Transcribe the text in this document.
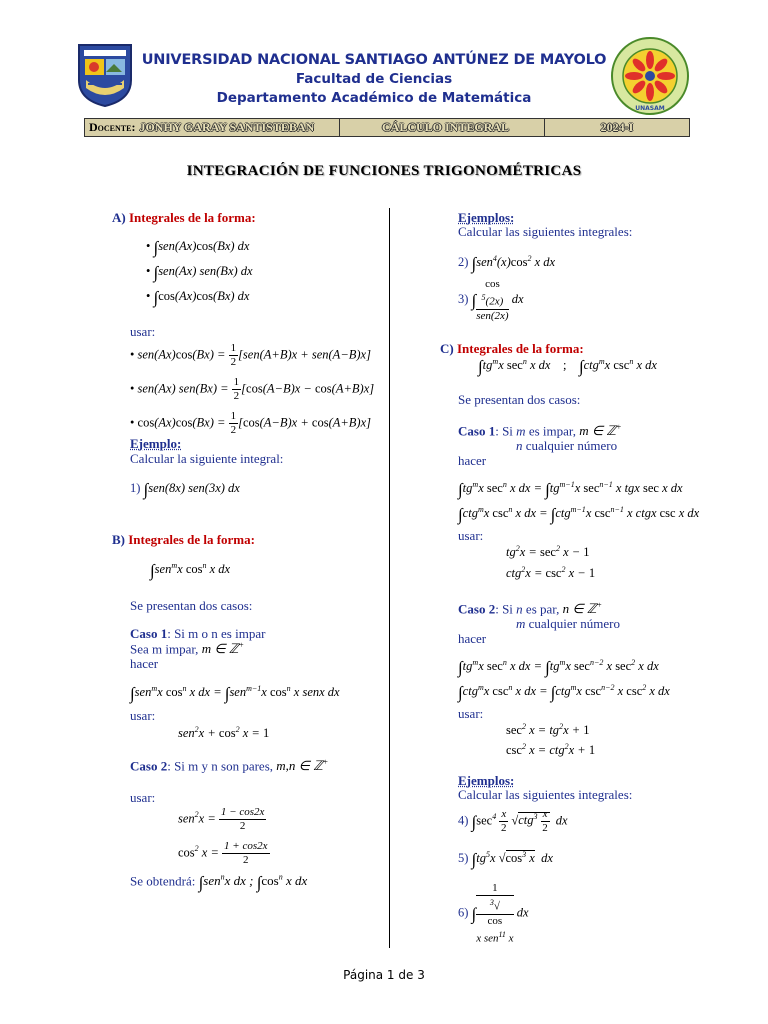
UNIVERSIDAD NACIONAL SANTIAGO ANTÚNEZ DE MAYOLO
Facultad de Ciencias
Departamento Académico de Matemática
UNASAM
Docente: JONHY GARAY SANTISTEBAN	CÁLCULO INTEGRAL	2024-I
INTEGRACIÓN DE FUNCIONES TRIGONOMÉTRICAS
A) Integrales de la forma:
• ∫sen(Ax)cos(Bx) dx
• ∫sen(Ax) sen(Bx) dx
• ∫cos(Ax)cos(Bx) dx
usar:
• $sen(Ax)\cos(Bx) = \frac{1}{2} [sen(A+B)x + sen(A-B)x]$
• sen(Ax) $sen(Bx) = \frac{1}{2} [\cos(A-B)x - \cos(A+B)x]$
• $\cos(Ax)\cos(Bx) = \frac{1}{2} [\cos(A-B)x + \cos(A+B)x]$
Ejemplo:
Calcular la siguiente integral:
1) ∫sen(8x) sen(3x) dx
B) Integrales de la forma:
∫sen$^m$x $\cos^n x$ dx
Se presentan dos casos:
Caso 1: Si m o n es impar
Sea m impar, m ∈ ℤ+
hacer
∫sen$^m$x $\cos^n x$ dx = ∫sen$^{m-1}$x $\cos^n x$ senx dx
usar:
$sen^2x + \cos^2 x = 1$
Caso 2: Si m y n son pares, m,n ∈ ℤ+
usar:
$sen^2x = \frac{1 - \cos 2x}{2}$
$\cos^2 x = \frac{1 + \cos 2x}{2}$
Se obtendrá: ∫sen$^n$x dx ; $\int\cos^n$ x dx
Ejemplos:
Calcular las siguientes integrales:
2) $\int sen^4(x)\cos^2$ x dx
3) ∫ cos
$^5$(2x)
sen(2x) dx
C) Integrales de la forma:
$\int tg^mx$ $\sec^n x$ dx    ; ∫ctg$^m$x $\csc^n x$ dx
Se presentan dos casos:
Caso 1: Si m es impar, m ∈ ℤ+
n cualquier número
hacer
$\int tg^mx$ $\sec^n x$ dx = $\int tg^{m-1}x$ $\sec^{n-1} x$ tgx sec x dx
∫ctg$^m$x $\csc^n x$ dx = ∫ctg$^{m-1}$x $\csc^{n-1} x$ ctgx csc x dx
usar:
$tg^2x = \sec^2 x - 1$
$ctg^2x = \csc^2 x - 1$
Caso 2: Si n es par, n ∈ ℤ+
m cualquier número
hacer
$\int tg^mx$ $\sec^n x$ dx = $\int tg^mx$ $\sec^{n-2} x$ $\sec^2 x$ dx
∫ctg$^m$x $\csc^n x$ dx = ∫ctg$^m$x $\csc^{n-2} x$ $\csc^2 x$ dx
usar:
$\sec^2 x = tg^2x + 1$
$\csc^2 x = ctg^2x + 1$
Ejemplos:
Calcular las siguientes integrales:
4) $\int\sec^4 \frac{x}{2} √ctg^3 \frac{x}{2}$ dx
5) $\int tg^5x$ $√\cos^3$ x  dx
6) ∫ 1
$^3$√
cos
x sen$^{11}$ x dx
Página 1 de 3
